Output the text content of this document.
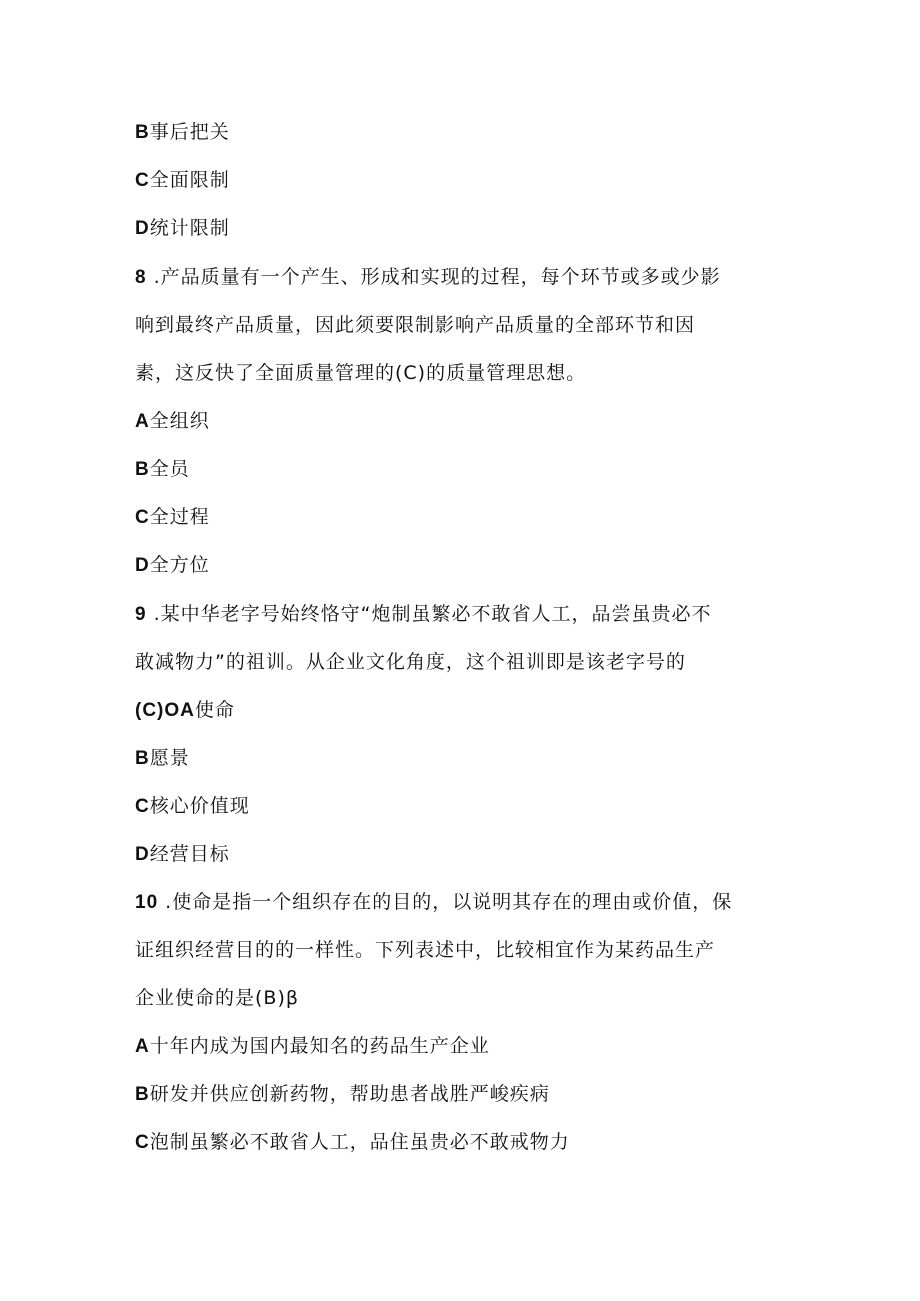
B事后把关
C全面限制
D统计限制
8 .产品质量有一个产生、形成和实现的过程，每个环节或多或少影
响到最终产品质量，因此须要限制影响产品质量的全部环节和因
素，这反快了全面质量管理的(C)的质量管理思想。
A全组织
B全员
C全过程
D全方位
9 .某中华老字号始终恪守“炮制虽繁必不敢省人工，品尝虽贵必不
敢减物力”的祖训。从企业文化角度，这个祖训即是该老字号的
(C)OA使命
B愿景
C核心价值现
D经营目标
10 .使命是指一个组织存在的目的，以说明其存在的理由或价值，保
证组织经营目的的一样性。下列表述中，比较相宜作为某药品生产
企业使命的是(B)β
A十年内成为国内最知名的药品生产企业
B研发并供应创新药物，帮助患者战胜严峻疾病
C泡制虽繁必不敢省人工，品住虽贵必不敢戒物力
